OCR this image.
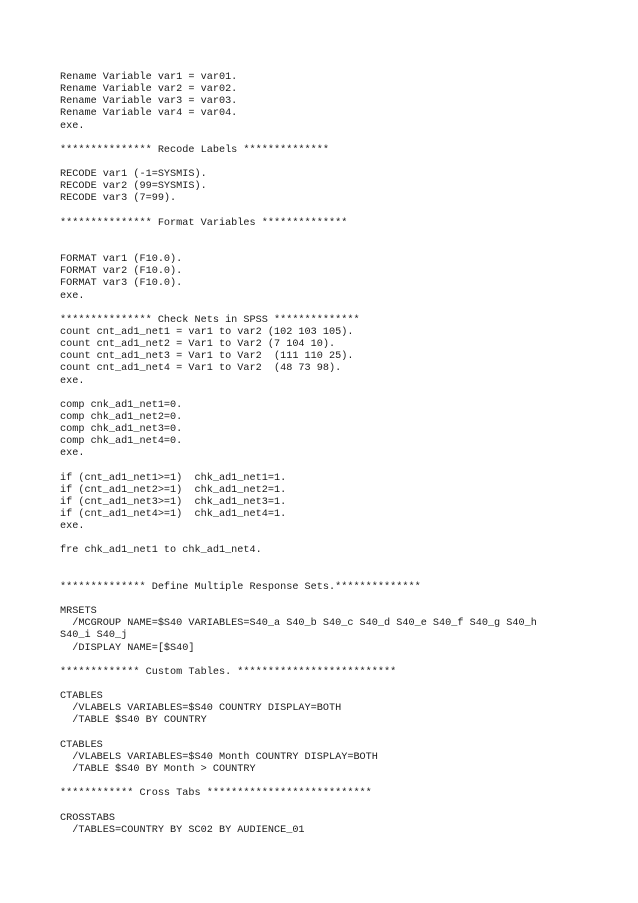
Rename Variable var1 = var01.
Rename Variable var2 = var02.
Rename Variable var3 = var03.
Rename Variable var4 = var04.
exe.
*************** Recode Labels **************
RECODE var1 (-1=SYSMIS).
RECODE var2 (99=SYSMIS).
RECODE var3 (7=99).
*************** Format Variables **************
FORMAT var1 (F10.0).
FORMAT var2 (F10.0).
FORMAT var3 (F10.0).
exe.
*************** Check Nets in SPSS **************
count cnt_ad1_net1 = var1 to var2 (102 103 105).
count cnt_ad1_net2 = Var1 to Var2 (7 104 10).
count cnt_ad1_net3 = Var1 to Var2  (111 110 25).
count cnt_ad1_net4 = Var1 to Var2  (48 73 98).
exe.
comp cnk_ad1_net1=0.
comp chk_ad1_net2=0.
comp chk_ad1_net3=0.
comp chk_ad1_net4=0.
exe.
if (cnt_ad1_net1>=1)  chk_ad1_net1=1.
if (cnt_ad1_net2>=1)  chk_ad1_net2=1.
if (cnt_ad1_net3>=1)  chk_ad1_net3=1.
if (cnt_ad1_net4>=1)  chk_ad1_net4=1.
exe.
fre chk_ad1_net1 to chk_ad1_net4.
************** Define Multiple Response Sets.**************
MRSETS
/MCGROUP NAME=$S40 VARIABLES=S40_a S40_b S40_c S40_d S40_e S40_f S40_g S40_h
S40_i S40_j
/DISPLAY NAME=[$S40]
************* Custom Tables. **************************
CTABLES
/VLABELS VARIABLES=$S40 COUNTRY DISPLAY=BOTH
/TABLE $S40 BY COUNTRY
CTABLES
/VLABELS VARIABLES=$S40 Month COUNTRY DISPLAY=BOTH
/TABLE $S40 BY Month > COUNTRY
************ Cross Tabs ***************************
CROSSTABS
/TABLES=COUNTRY BY SC02 BY AUDIENCE_01
